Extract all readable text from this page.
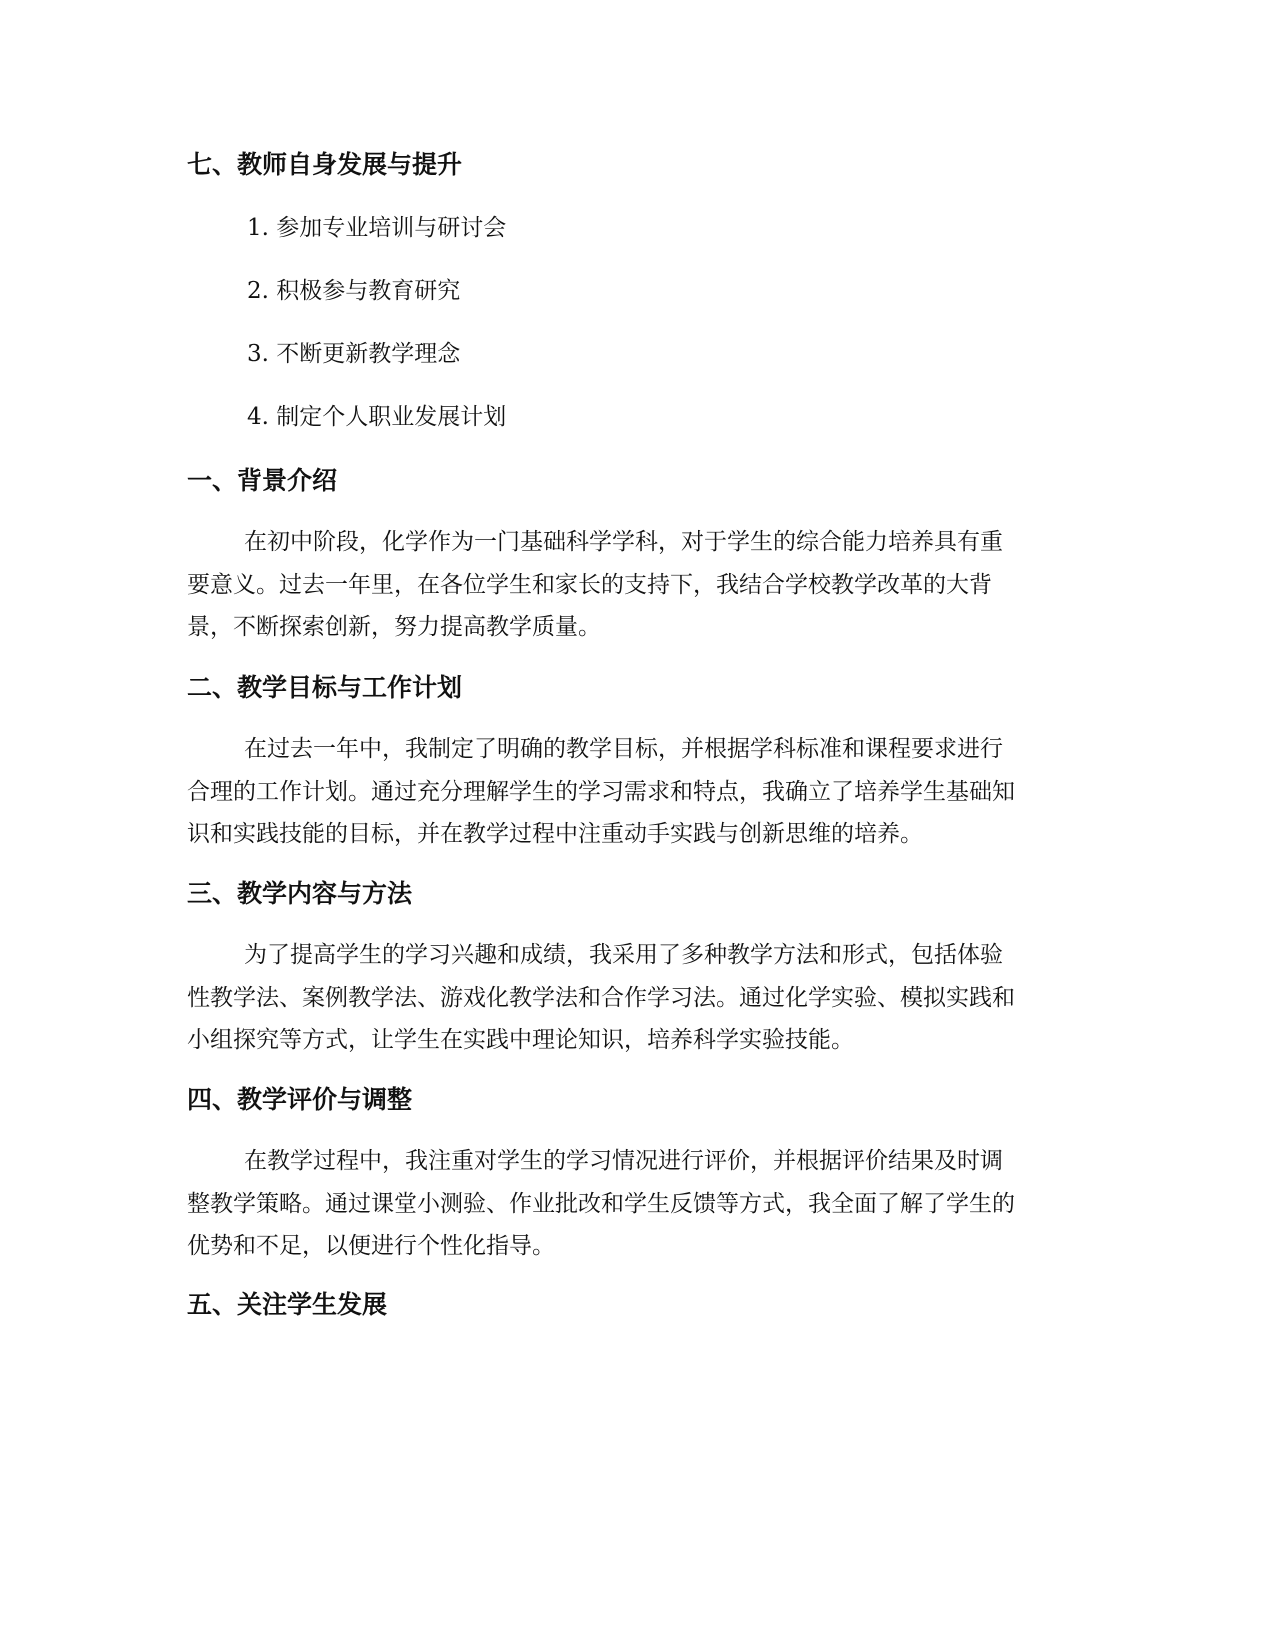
七、教师自身发展与提升
1. 参加专业培训与研讨会
2. 积极参与教育研究
3. 不断更新教学理念
4. 制定个人职业发展计划
一、背景介绍
在初中阶段，化学作为一门基础科学学科，对于学生的综合能力培养具有重
要意义。过去一年里，在各位学生和家长的支持下，我结合学校教学改革的大背
景，不断探索创新，努力提高教学质量。
二、教学目标与工作计划
在过去一年中，我制定了明确的教学目标，并根据学科标准和课程要求进行
合理的工作计划。通过充分理解学生的学习需求和特点，我确立了培养学生基础知
识和实践技能的目标，并在教学过程中注重动手实践与创新思维的培养。
三、教学内容与方法
为了提高学生的学习兴趣和成绩，我采用了多种教学方法和形式，包括体验
性教学法、案例教学法、游戏化教学法和合作学习法。通过化学实验、模拟实践和
小组探究等方式，让学生在实践中理论知识，培养科学实验技能。
四、教学评价与调整
在教学过程中，我注重对学生的学习情况进行评价，并根据评价结果及时调
整教学策略。通过课堂小测验、作业批改和学生反馈等方式，我全面了解了学生的
优势和不足，以便进行个性化指导。
五、关注学生发展
